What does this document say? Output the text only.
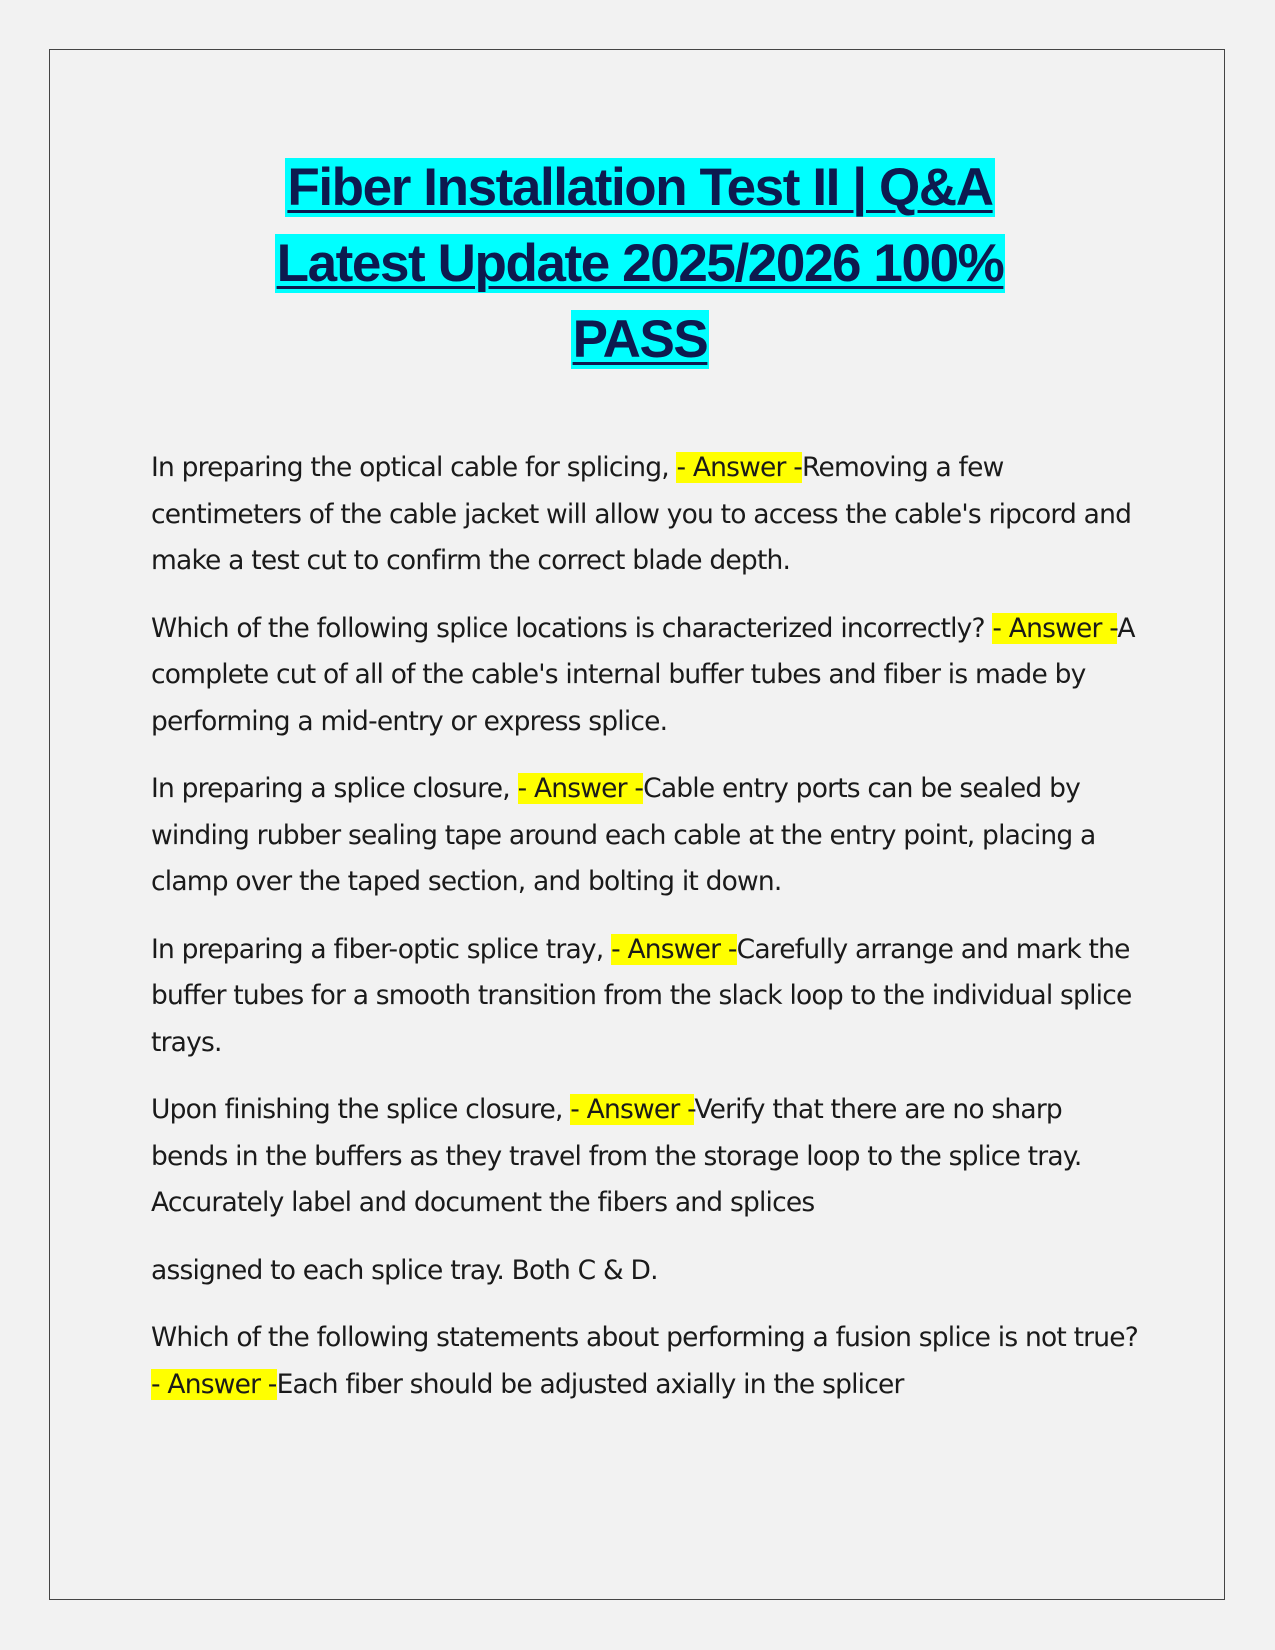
Fiber Installation Test II | Q&A
Latest Update 2025/2026 100%
PASS

In preparing the optical cable for splicing, - Answer -Removing a few centimeters of the cable jacket will allow you to access the cable's ripcord and make a test cut to confirm the correct blade depth.

Which of the following splice locations is characterized incorrectly? - Answer -A complete cut of all of the cable's internal buffer tubes and fiber is made by performing a mid-entry or express splice.

In preparing a splice closure, - Answer -Cable entry ports can be sealed by winding rubber sealing tape around each cable at the entry point, placing a clamp over the taped section, and bolting it down.

In preparing a fiber-optic splice tray, - Answer -Carefully arrange and mark the buffer tubes for a smooth transition from the slack loop to the individual splice trays.

Upon finishing the splice closure, - Answer -Verify that there are no sharp bends in the buffers as they travel from the storage loop to the splice tray. Accurately label and document the fibers and splices

assigned to each splice tray. Both C & D.

Which of the following statements about performing a fusion splice is not true? - Answer -Each fiber should be adjusted axially in the splicer
